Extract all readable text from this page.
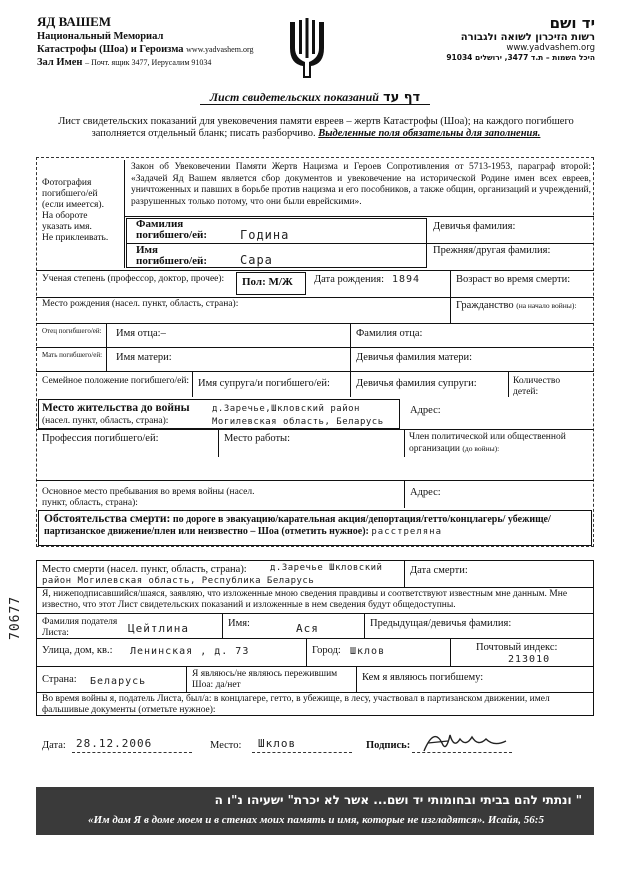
ЯД ВАШЕМ
Национальный Мемориал
Катастрофы (Шоа) и Героизма www.yadvashem.org
Зал Имен – Почт. ящик 3477, Иерусалим 91034
יד ושם
רשות הזיכרון לשואה ולגבורה
www.yadvashem.org
היכל השמות – ת.ד 3477, ירושלים 91034
Лист свидетельских показаний דף עד
Лист свидетельских показаний для увековечения памяти евреев – жертв Катастрофы (Шоа); на каждого погибшего
заполняется отдельный бланк; писать разборчиво. Выделенные поля обязательны для заполнения.
Фотография
погибшего/ей
(если имеется).
На обороте
указать имя.
Не приклеивать.
Закон об Увековечении Памяти Жертв Нацизма и Героев Сопротивления от 5713-1953, параграф второй: «Задачей Яд Вашем является сбор документов и увековечение на исторической Родине имен всех евреев, уничтоженных и павших в борьбе против нацизма и его пособников, а также общин, организаций и учреждений, разрушенных только потому, что они были еврейскими».
Фамилия погибшего/ей:	Година
Имя погибшего/ей:	Сара
Девичья фамилия:
Прежняя/другая фамилия:
Ученая степень (профессор, доктор, прочее):	Пол: М/Ж Дата рождения: 1894	Возраст во время смерти:
Место рождения (насел. пункт, область, страна):	Гражданство (на начало войны):
Отец погибшего/ей: Имя отца:–	Фамилия отца:
Мать погибшего/ей: Имя матери:	Девичья фамилия матери:
Семейное положение погибшего/ей: Имя супруга/и погибшего/ей: Девичья фамилия супруги:	Количество детей:
Место жительства до войны
(насел. пункт, область, страна):
д.Заречье,Шкловский район
Могилевская область, Беларусь
Адрес:
Профессия погибшего/ей:	Место работы:	Член политической или общественной организации (до войны):
Основное место пребывания во время войны (насел. пункт, область, страна):
Адрес:
Обстоятельства смерти: по дороге в эвакуацию/карательная акция/депортация/гетто/концлагерь/ убежище/партизанское движение/плен или неизвестно – Шоа (отметить нужное): расстреляна
Место смерти (насел. пункт, область, страна):	д.Заречье Шкловский
район Могилевская область, Республика Беларусь
Дата смерти:
Я, нижеподписавшийся/шаяся, заявляю, что изложенные мною сведения правдивы и соответствуют известным мне данным. Мне известно, что этот Лист свидетельских показаний и изложенные в нем сведения будут общедоступны.
Фамилия подателя Листа:	Цейтлина	Имя:	Ася	Предыдущая/девичья фамилия:
Улица, дом, кв.: Ленинская , д. 73	Город: Шклов	Почтовый индекс:
213010
Страна: Беларусь
Я являюсь/не являюсь пережившим Шоа: да/нет
Кем я являюсь погибшему:
Во время войны я, податель Листа, был/а: в концлагере, гетто, в убежище, в лесу, участвовал в партизанском движении, имел фальшивые документы (отметьте нужное):
Дата: 28.12.2006	Место: Шклов	Подпись:
70677
" ונתתי להם בביתי ובחומותי יד ושם... אשר לא יכרת" ישעיהו נ"ו ה
«Им дам Я в доме моем и в стенах моих память и имя, которые не изгладятся». Исайя, 56:5
